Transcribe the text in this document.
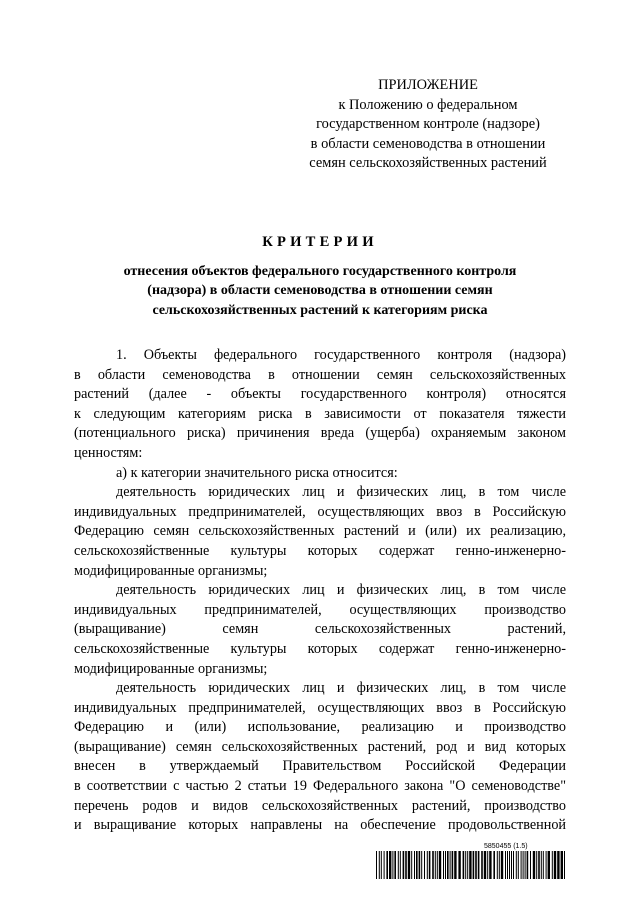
ПРИЛОЖЕНИЕ
к Положению о федеральном
государственном контроле (надзоре)
в области семеноводства в отношении
семян сельскохозяйственных растений
КРИТЕРИИ
отнесения объектов федерального государственного контроля
(надзора) в области семеноводства в отношении семян
сельскохозяйственных растений к категориям риска
1. Объекты федерального государственного контроля (надзора)
в области семеноводства в отношении семян сельскохозяйственных
растений (далее - объекты государственного контроля) относятся
к следующим категориям риска в зависимости от показателя тяжести
(потенциального риска) причинения вреда (ущерба) охраняемым законом
ценностям:
а) к категории значительного риска относится:
деятельность юридических лиц и физических лиц, в том числе
индивидуальных предпринимателей, осуществляющих ввоз в Российскую
Федерацию семян сельскохозяйственных растений и (или) их реализацию,
сельскохозяйственные культуры которых содержат генно-инженерно-
модифицированные организмы;
деятельность юридических лиц и физических лиц, в том числе
индивидуальных предпринимателей, осуществляющих производство
(выращивание) семян сельскохозяйственных растений,
сельскохозяйственные культуры которых содержат генно-инженерно-
модифицированные организмы;
деятельность юридических лиц и физических лиц, в том числе
индивидуальных предпринимателей, осуществляющих ввоз в Российскую
Федерацию и (или) использование, реализацию и производство
(выращивание) семян сельскохозяйственных растений, род и вид которых
внесен в утверждаемый Правительством Российской Федерации
в соответствии с частью 2 статьи 19 Федерального закона "О семеноводстве"
перечень родов и видов сельскохозяйственных растений, производство
и выращивание которых направлены на обеспечение продовольственной
5850455 (1.5)
